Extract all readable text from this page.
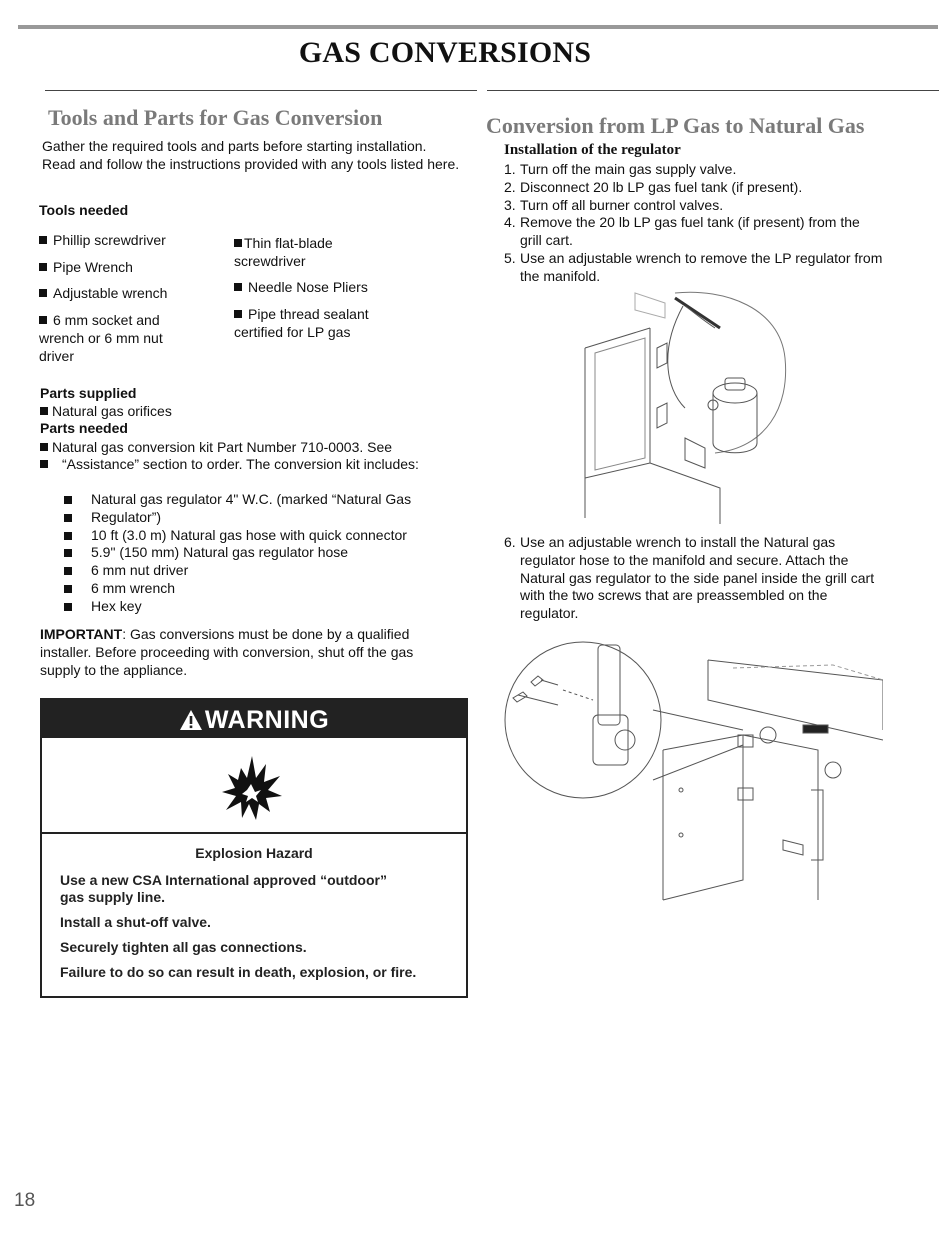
GAS CONVERSIONS
Tools and Parts for Gas Conversion
Gather the required tools and parts before starting installation. Read and follow the instructions provided with any tools listed here.
Tools needed
Phillip screwdriver
Pipe Wrench
Adjustable wrench
6 mm socket and wrench or 6 mm nut driver
Thin flat-blade screwdriver
Needle Nose Pliers
Pipe thread sealant certified for LP gas
Parts supplied
Natural gas orifices
Parts needed
Natural gas conversion kit Part Number 710-0003. See
“Assistance” section to order. The conversion kit includes:
Natural gas regulator 4" W.C. (marked “Natural Gas
Regulator”)
10 ft (3.0 m) Natural gas hose with quick connector
5.9" (150 mm) Natural gas regulator hose
6 mm nut driver
6 mm wrench
Hex key
IMPORTANT: Gas conversions must be done by a qualified installer. Before proceeding with conversion, shut off the gas supply to the appliance.
WARNING
Explosion Hazard
Use a new CSA International approved “outdoor” gas supply line.
Install a shut-off valve.
Securely tighten all gas connections.
Failure to do so can result in death, explosion, or fire.
Conversion from LP Gas to Natural Gas
Installation of the regulator
1. Turn off the main gas supply valve.
2. Disconnect 20 lb LP gas fuel tank (if present).
3. Turn off all burner control valves.
4. Remove the 20 lb LP gas fuel tank (if present) from the grill cart.
5. Use an adjustable wrench to remove the LP regulator from the manifold.
6. Use an adjustable wrench to install the Natural gas regulator hose to the manifold and secure. Attach the Natural gas regulator to the side panel inside the grill cart with the two screws that are preassembled on the regulator.
18
